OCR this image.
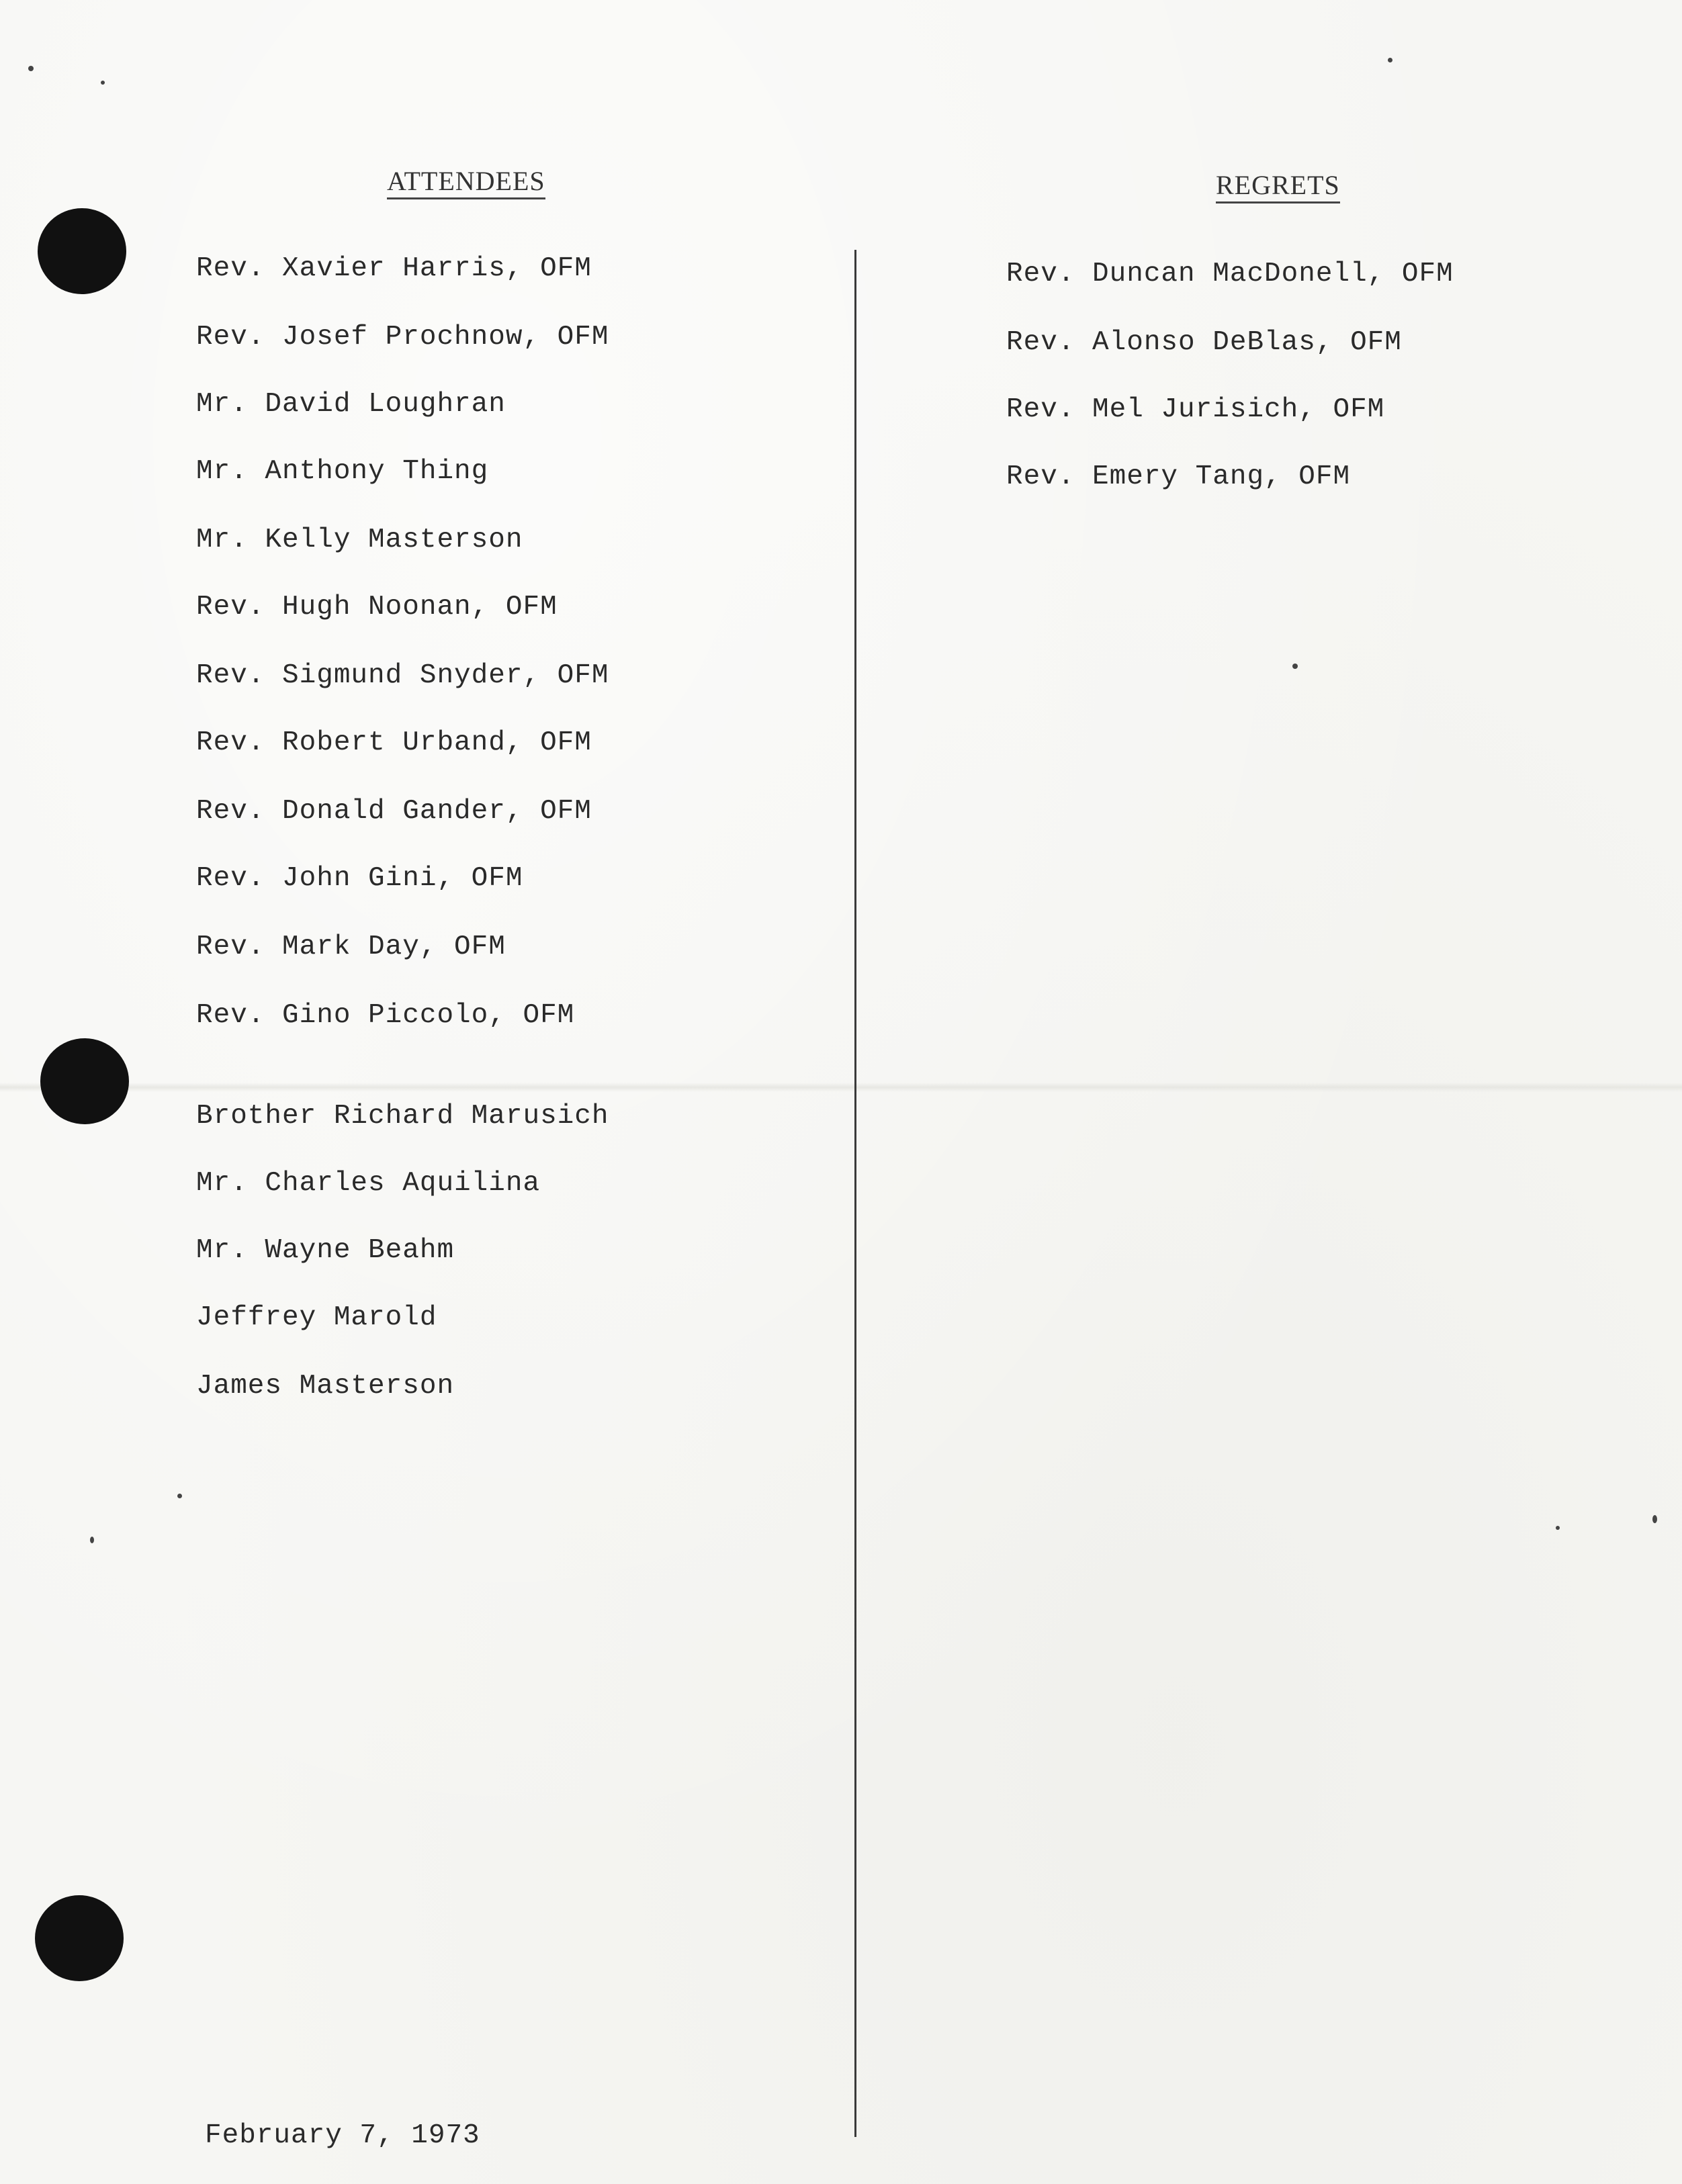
ATTENDEES	REGRETS
Rev. Xavier Harris, OFM
Rev. Josef Prochnow, OFM
Mr. David Loughran
Mr. Anthony Thing
Mr. Kelly Masterson
Rev. Hugh Noonan, OFM
Rev. Sigmund Snyder, OFM
Rev. Robert Urband, OFM
Rev. Donald Gander, OFM
Rev. John Gini, OFM
Rev. Mark Day, OFM
Rev. Gino Piccolo, OFM
Brother Richard Marusich
Mr. Charles Aquilina
Mr. Wayne Beahm
Jeffrey Marold
James Masterson
Rev. Duncan MacDonell, OFM
Rev. Alonso DeBlas, OFM
Rev. Mel Jurisich, OFM
Rev. Emery Tang, OFM
February 7, 1973
